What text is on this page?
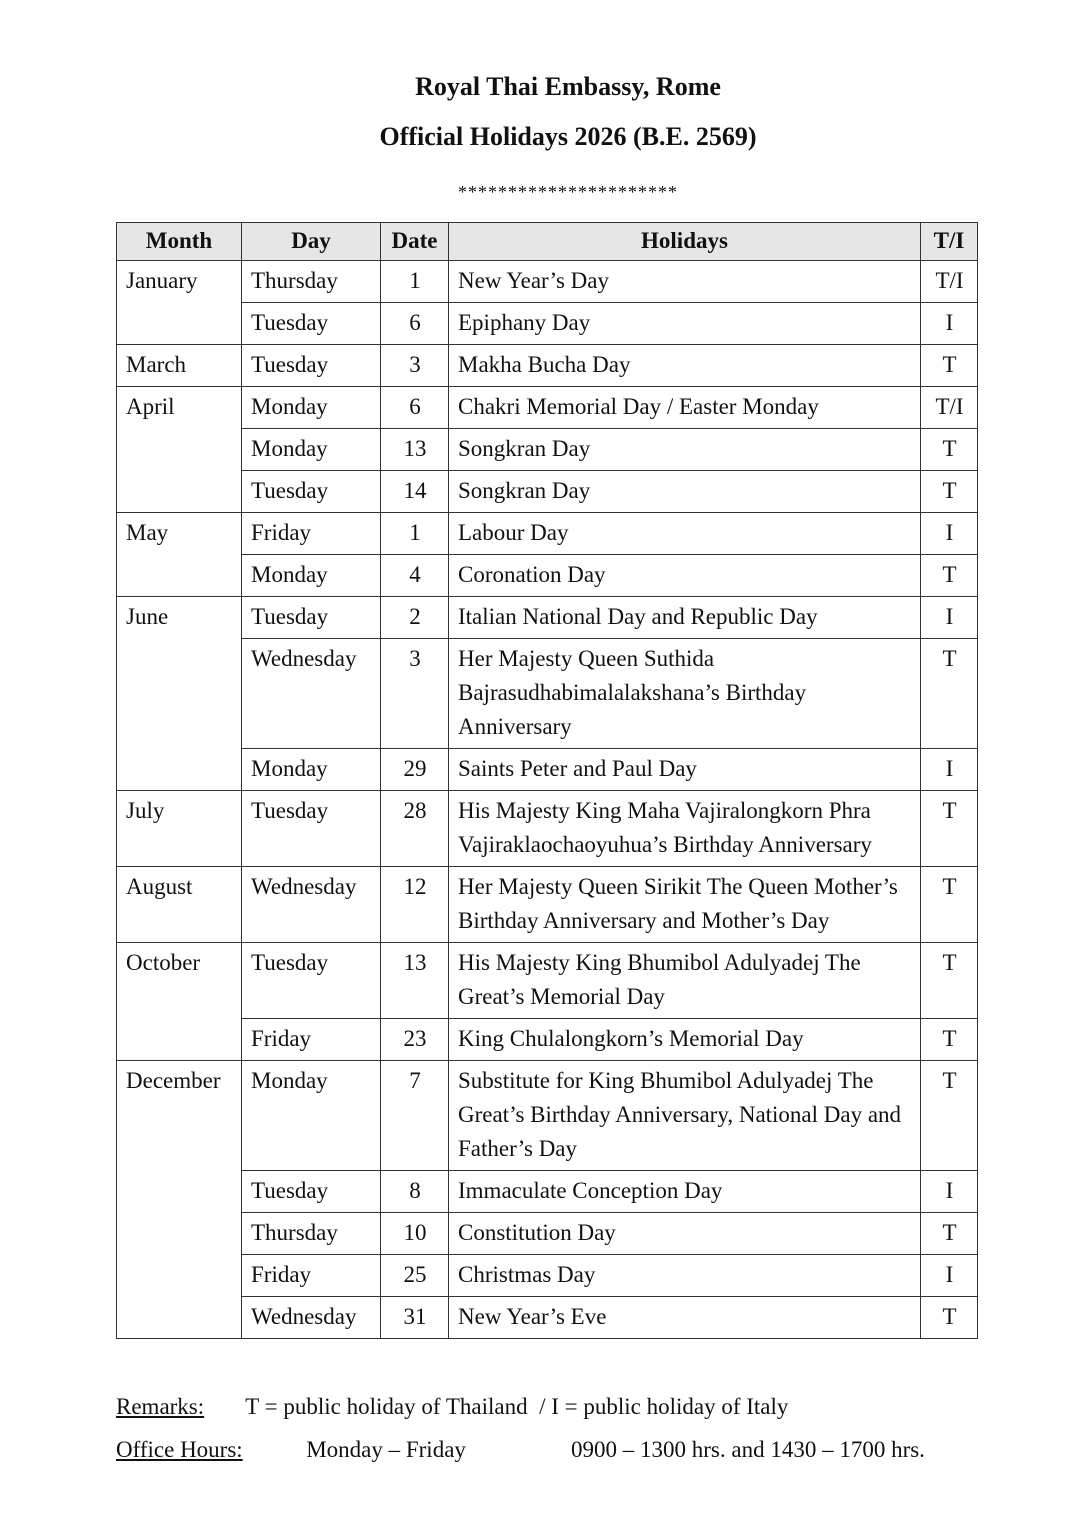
Royal Thai Embassy, Rome
Official Holidays 2026 (B.E. 2569)
**********************
Month	Day	Date	Holidays	T/I
January	Thursday	1	New Year’s Day	T/I
	Tuesday	6	Epiphany Day	I
March	Tuesday	3	Makha Bucha Day	T
April	Monday	6	Chakri Memorial Day / Easter Monday	T/I
	Monday	13	Songkran Day	T
	Tuesday	14	Songkran Day	T
May	Friday	1	Labour Day	I
	Monday	4	Coronation Day	T
June	Tuesday	2	Italian National Day and Republic Day	I
	Wednesday	3	Her Majesty Queen Suthida Bajrasudhabimalalakshana’s Birthday Anniversary	T
	Monday	29	Saints Peter and Paul Day	I
July	Tuesday	28	His Majesty King Maha Vajiralongkorn Phra Vajiraklaochaoyuhua’s Birthday Anniversary	T
August	Wednesday	12	Her Majesty Queen Sirikit The Queen Mother’s Birthday Anniversary and Mother’s Day	T
October	Tuesday	13	His Majesty King Bhumibol Adulyadej The Great’s Memorial Day	T
	Friday	23	King Chulalongkorn’s Memorial Day	T
December	Monday	7	Substitute for King Bhumibol Adulyadej The Great’s Birthday Anniversary, National Day and Father’s Day	T
	Tuesday	8	Immaculate Conception Day	I
	Thursday	10	Constitution Day	T
	Friday	25	Christmas Day	I
	Wednesday	31	New Year’s Eve	T
Remarks: T = public holiday of Thailand  / I = public holiday of Italy
Office Hours:	Monday – Friday	0900 – 1300 hrs. and 1430 – 1700 hrs.
